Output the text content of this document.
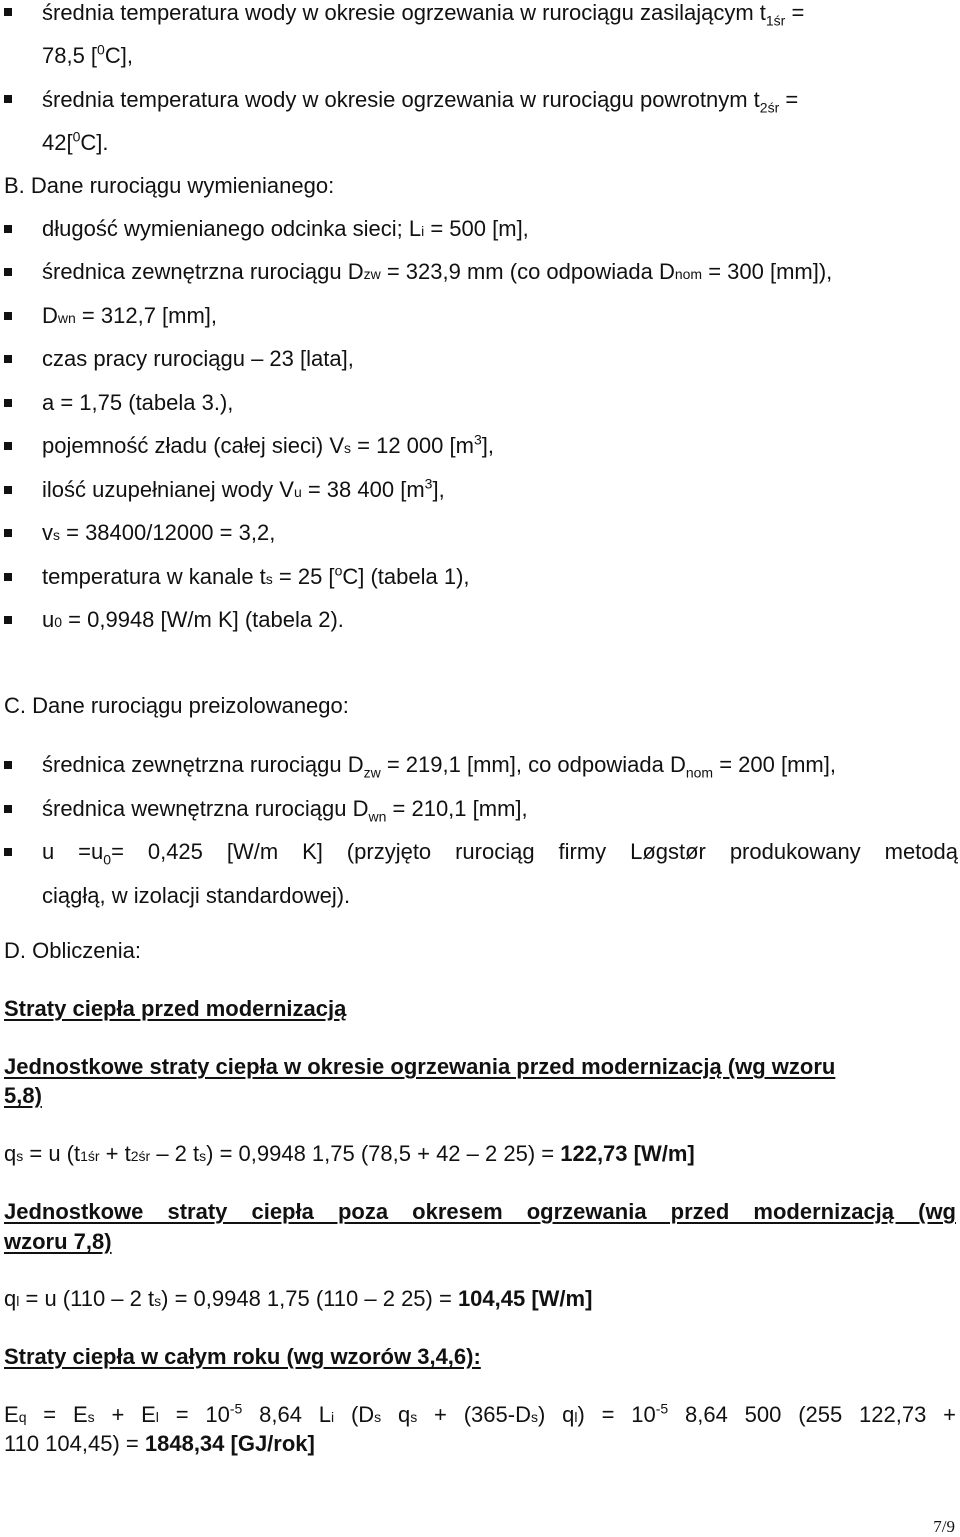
średnia temperatura wody w okresie ogrzewania w rurociągu zasilającym $t_{1śr}$ =
78,5 [$^0$C],
średnia temperatura wody w okresie ogrzewania w rurociągu powrotnym $t_{2śr}$ =
42[$^0$C].
B. Dane rurociągu wymienianego:
długość wymienianego odcinka sieci; Li = 500 [m],
średnica zewnętrzna rurociągu Dzw = 323,9 mm (co odpowiada Dnom = 300 [mm]),
Dwn = 312,7 [mm],
czas pracy rurociągu – 23 [lata],
a = 1,75 (tabela 3.),
pojemność zładu (całej sieci) Vs = 12 000 $[m^3]$,
ilość uzupełnianej wody Vu = 38 400 $[m^3]$,
vs = 38400/12000 = 3,2,
temperatura w kanale ts = 25 [$^o$C] (tabela 1),
u0 = 0,9948 [W/m K] (tabela 2).
C. Dane rurociągu preizolowanego:
średnica zewnętrzna rurociągu $D_{zw} = 219,1$ [mm], co odpowiada $D_{nom} = 200$ [mm],
średnica wewnętrzna rurociągu $D_{wn} = 210,1$ [mm],
$u =u_0= 0,425$ [W/m K] (przyjęto rurociąg firmy Løgstør produkowany metodą
ciągłą, w izolacji standardowej).
D. Obliczenia:
Straty ciepła przed modernizacją
Jednostkowe straty ciepła w okresie ogrzewania przed modernizacją (wg wzoru
5,8)
qs = u (t1śr + t2śr – 2 ts) = 0,9948 1,75 (78,5 + 42 – 2 25) = 122,73 [W/m]
Jednostkowe straty ciepła poza okresem ogrzewania przed modernizacją (wg
wzoru 7,8)
ql = u (110 – 2 ts) = 0,9948 1,75 (110 – 2 25) = 104,45 [W/m]
Straty ciepła w całym roku (wg wzorów 3,4,6):
$Eq = Es + El = 10^{-5}$ 8,64 Li (Ds qs + (365-Ds) $ql) = 10^{-5}$ 8,64 500 (255 122,73 +
110 104,45) = 1848,34 [GJ/rok]
7/9
